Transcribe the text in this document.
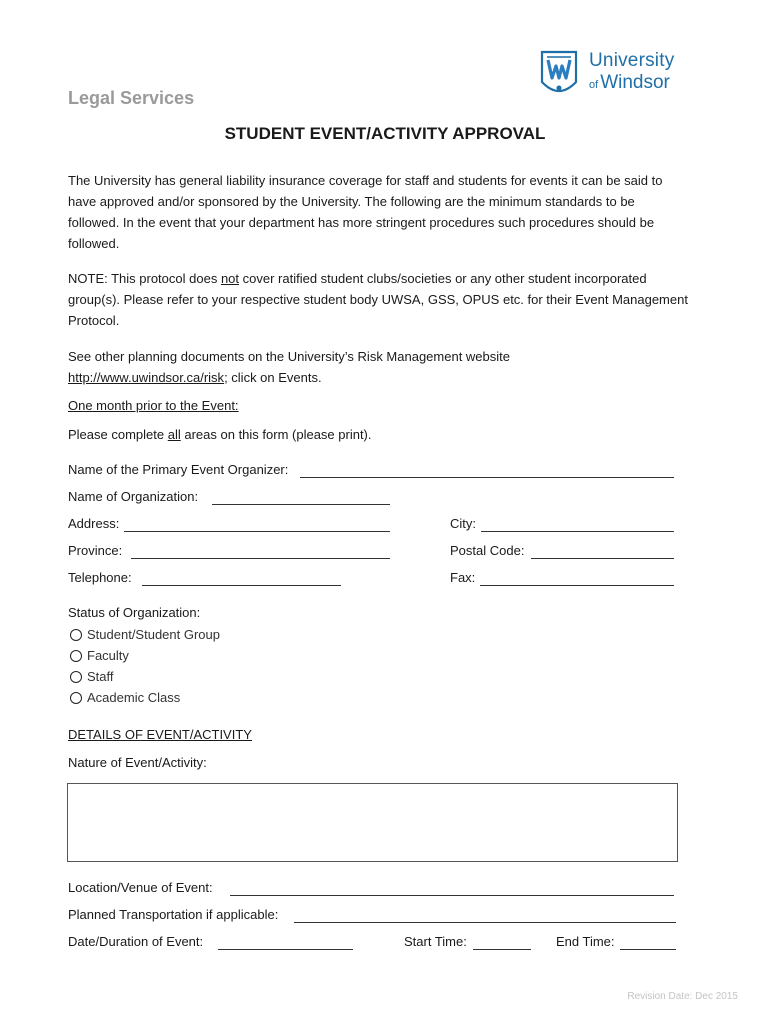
University
of Windsor
Legal Services
STUDENT EVENT/ACTIVITY APPROVAL
The University has general liability insurance coverage for staff and students for events it can be said to have approved and/or sponsored by the University. The following are the minimum standards to be followed. In the event that your department has more stringent procedures such procedures should be followed.
NOTE: This protocol does not cover ratified student clubs/societies or any other student incorporated group(s). Please refer to your respective student body UWSA, GSS, OPUS etc. for their Event Management Protocol.
See other planning documents on the University’s Risk Management website
http://www.uwindsor.ca/risk; click on Events.
One month prior to the Event:
Please complete all areas on this form (please print).
Name of the Primary Event Organizer:
Name of Organization:
Address:	City:
Province:	Postal Code:
Telephone:	Fax:
Status of Organization:
Student/Student Group
Faculty
Staff
Academic Class
DETAILS OF EVENT/ACTIVITY
Nature of Event/Activity:
Location/Venue of Event:
Planned Transportation if applicable:
Date/Duration of Event:	Start Time:	End Time:
Revision Date: Dec 2015
